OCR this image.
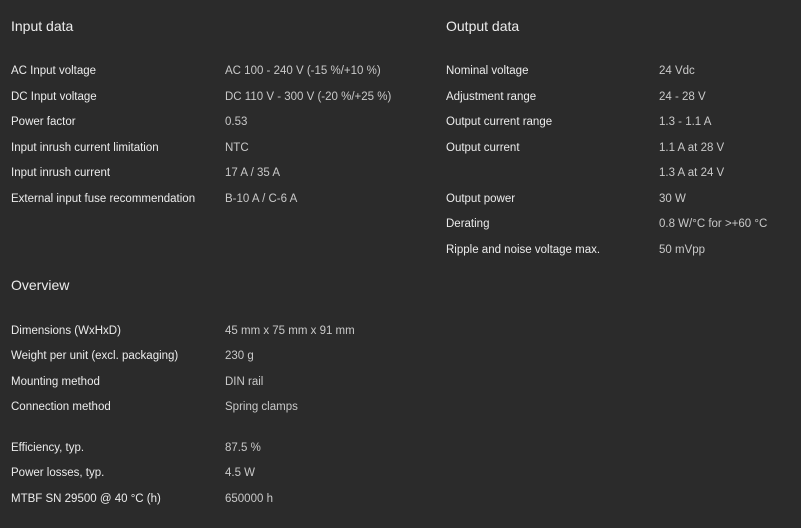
Input data
AC Input voltage	AC 100 - 240 V (-15 %/+10 %)
DC Input voltage	DC 110 V - 300 V (-20 %/+25 %)
Power factor	0.53
Input inrush current limitation	NTC
Input inrush current	17 A / 35 A
External input fuse recommendation	B-10 A / C-6 A
Output data
Nominal voltage	24 Vdc
Adjustment range	24 - 28 V
Output current range	1.3 - 1.1 A
Output current	1.1 A at 28 V
1.3 A at 24 V
Output power	30 W
Derating	0.8 W/°C for >+60 °C
Ripple and noise voltage max.	50 mVpp
Overview
Dimensions (WxHxD)	45 mm x 75 mm x 91 mm
Weight per unit (excl. packaging)	230 g
Mounting method	DIN rail
Connection method	Spring clamps
Efficiency, typ.	87.5 %
Power losses, typ.	4.5 W
MTBF SN 29500 @ 40 °C (h)	650000 h
